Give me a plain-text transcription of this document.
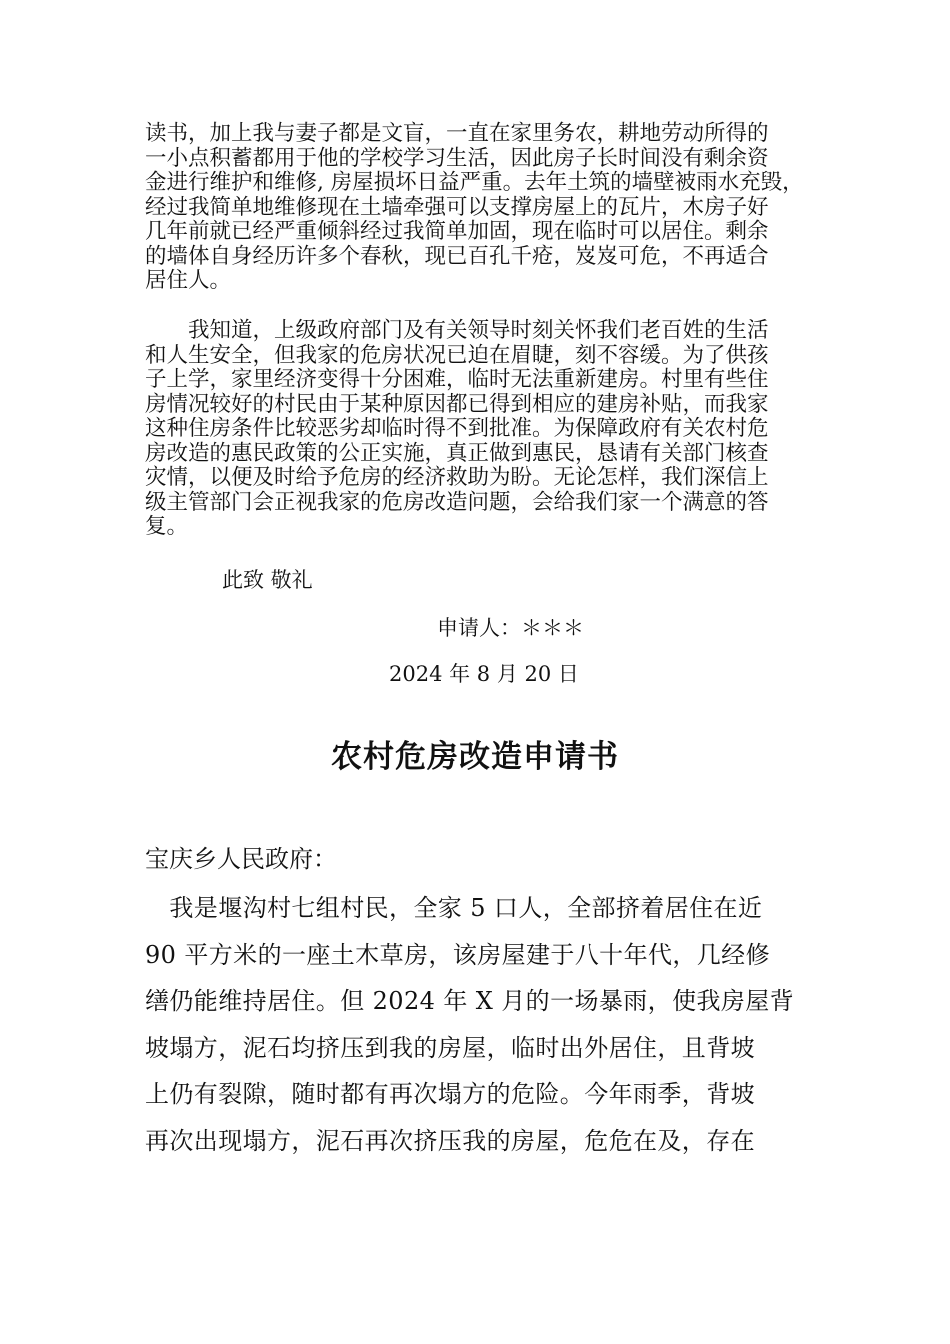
读书，加上我与妻子都是文盲，一直在家里务农，耕地劳动所得的
一小点积蓄都用于他的学校学习生活，因此房子长时间没有剩余资
金进行维护和维修, 房屋损坏日益严重。去年土筑的墙壁被雨水充毁，
经过我简单地维修现在土墙牵强可以支撑房屋上的瓦片，木房子好
几年前就已经严重倾斜经过我简单加固，现在临时可以居住。剩余
的墙体自身经历许多个春秋，现已百孔千疮，岌岌可危，不再适合
居住人。
　　我知道，上级政府部门及有关领导时刻关怀我们老百姓的生活
和人生安全，但我家的危房状况已迫在眉睫，刻不容缓。为了供孩
子上学，家里经济变得十分困难，临时无法重新建房。村里有些住
房情况较好的村民由于某种原因都已得到相应的建房补贴，而我家
这种住房条件比较恶劣却临时得不到批准。为保障政府有关农村危
房改造的惠民政策的公正实施，真正做到惠民，恳请有关部门核查
灾情，以便及时给予危房的经济救助为盼。无论怎样，我们深信上
级主管部门会正视我家的危房改造问题，会给我们家一个满意的答
复。
此致 敬礼
申请人：＊＊＊
2024 年 8 月 20 日
农村危房改造申请书
宝庆乡人民政府：
　我是堰沟村七组村民，全家 5 口人，全部挤着居住在近
90 平方米的一座土木草房，该房屋建于八十年代，几经修
缮仍能维持居住。但 2024 年 X 月的一场暴雨，使我房屋背
坡塌方，泥石均挤压到我的房屋，临时出外居住，且背坡
上仍有裂隙，随时都有再次塌方的危险。今年雨季，背坡
再次出现塌方，泥石再次挤压我的房屋，危危在及，存在
